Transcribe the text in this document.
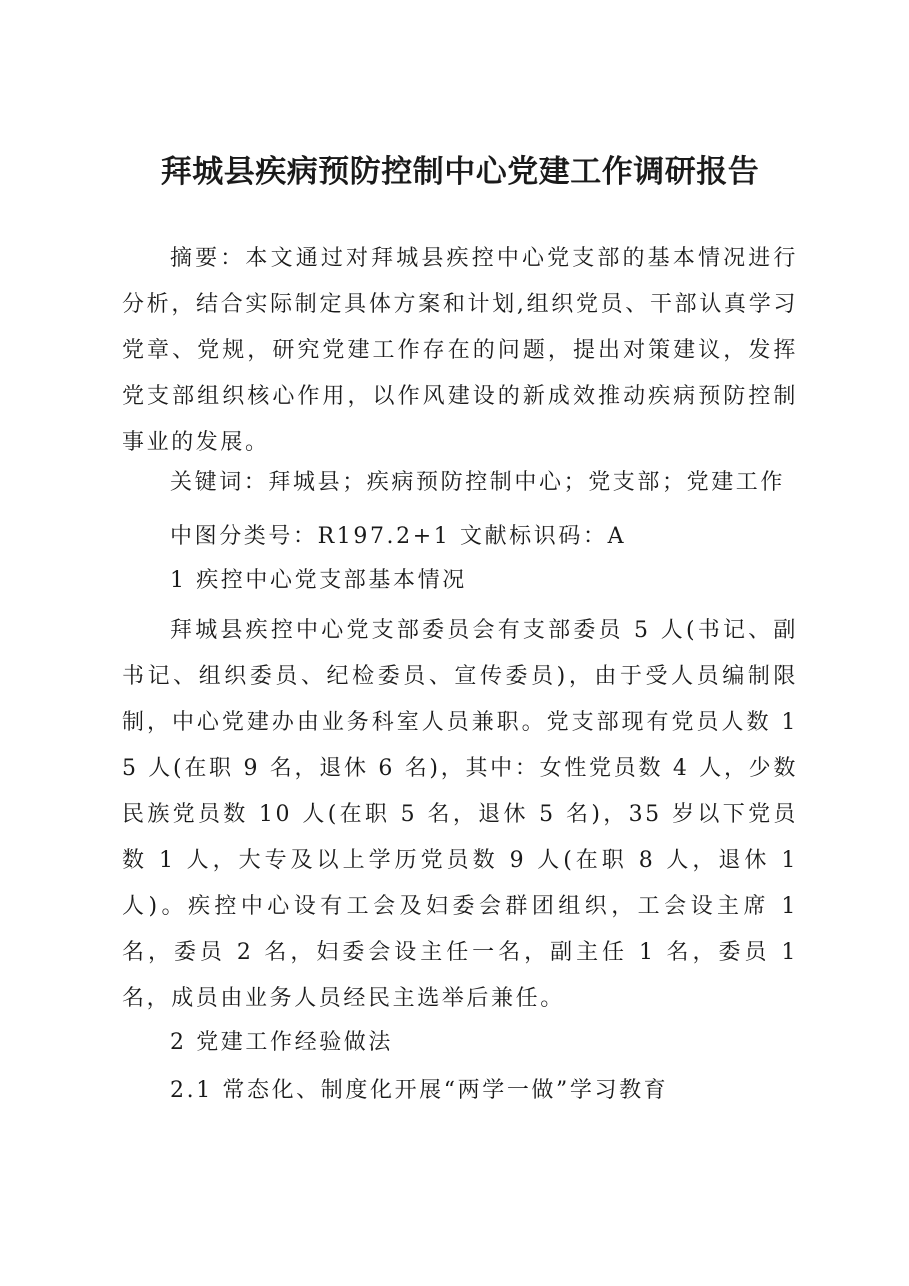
拜城县疾病预防控制中心党建工作调研报告

摘要：本文通过对拜城县疾控中心党支部的基本情况进行分析，结合实际制定具体方案和计划,组织党员、干部认真学习党章、党规，研究党建工作存在的问题，提出对策建议，发挥党支部组织核心作用，以作风建设的新成效推动疾病预防控制事业的发展。

关键词：拜城县；疾病预防控制中心；党支部；党建工作

中图分类号：R197.2+1 文献标识码：A

1 疾控中心党支部基本情况

拜城县疾控中心党支部委员会有支部委员 5 人(书记、副书记、组织委员、纪检委员、宣传委员)，由于受人员编制限制，中心党建办由业务科室人员兼职。党支部现有党员人数 15 人(在职 9 名，退休 6 名)，其中：女性党员数 4 人，少数民族党员数 10 人(在职 5 名，退休 5 名)，35 岁以下党员数 1 人，大专及以上学历党员数 9 人(在职 8 人，退休 1 人)。疾控中心设有工会及妇委会群团组织，工会设主席 1 名，委员 2 名，妇委会设主任一名，副主任 1 名，委员 1 名，成员由业务人员经民主选举后兼任。

2 党建工作经验做法

2.1 常态化、制度化开展“两学一做”学习教育
